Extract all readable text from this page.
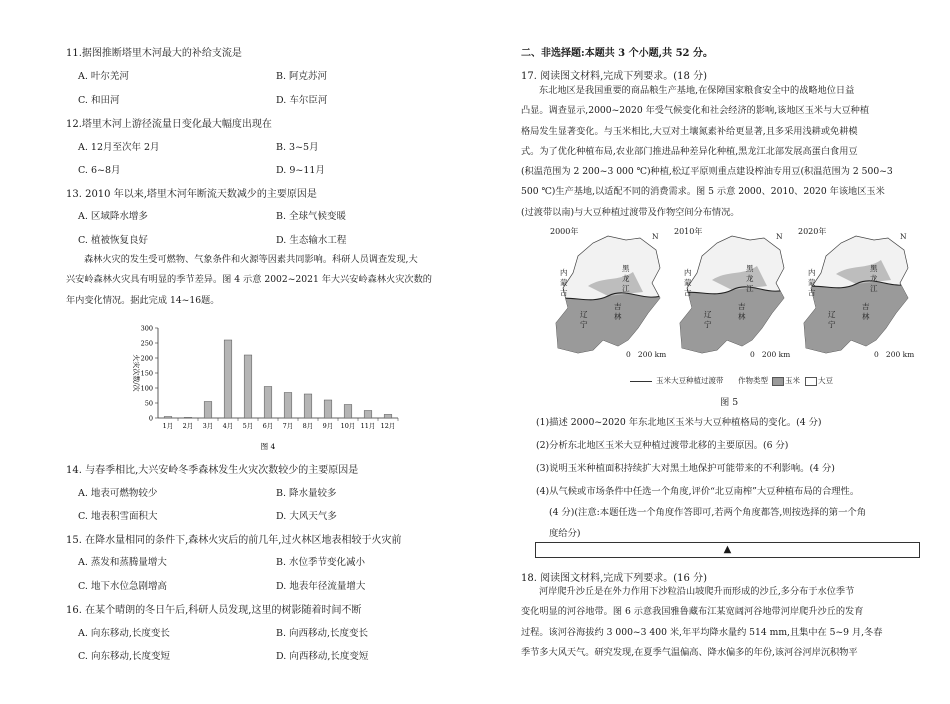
11.据图推断塔里木河最大的补给支流是
A. 叶尔羌河	B. 阿克苏河
C. 和田河	D. 车尔臣河
12.塔里木河上游径流量日变化最大幅度出现在
A. 12月至次年 2月	B. 3~5月
C. 6~8月	D. 9~11月
13. 2010 年以来,塔里木河年断流天数减少的主要原因是
A. 区域降水增多	B. 全球气候变暖
C. 植被恢复良好	D. 生态输水工程
森林火灾的发生受可燃物、气象条件和火源等因素共同影响。科研人员调查发现,大
兴安岭森林火灾具有明显的季节差异。图 4 示意 2002~2021 年大兴安岭森林火灾次数的
年内变化情况。据此完成 14~16题。
0
50
100
150
200
250
300
1月 2月 3月 4月 5月 6月 7月 8月 9月 10月 11月 12月
火灾次数/次
图 4
14. 与春季相比,大兴安岭冬季森林发生火灾次数较少的主要原因是
A. 地表可燃物较少	B. 降水量较多
C. 地表积雪面积大	D. 大风天气多
15. 在降水量相同的条件下,森林火灾后的前几年,过火林区地表相较于火灾前
A. 蒸发和蒸腾量增大	B. 水位季节变化减小
C. 地下水位急剧增高	D. 地表年径流量增大
16. 在某个晴朗的冬日午后,科研人员发现,这里的树影随着时间不断
A. 向东移动,长度变长	B. 向西移动,长度变长
C. 向东移动,长度变短	D. 向西移动,长度变短
二、非选择题:本题共 3 个小题,共 52 分。
17. 阅读图文材料,完成下列要求。(18 分)
东北地区是我国重要的商品粮生产基地,在保障国家粮食安全中的战略地位日益
凸显。调查显示,2000~2020 年受气候变化和社会经济的影响,该地区玉米与大豆种植
格局发生显著变化。与玉米相比,大豆对土壤氮素补给更显著,且多采用浅耕或免耕模
式。为了优化种植布局,农业部门推进品种差异化种植,黑龙江北部发展高蛋白食用豆
(积温范围为 2 200~3 000 ℃)种植,松辽平原则重点建设榨油专用豆(积温范围为 2 500~3
500 ℃)生产基地,以适配不同的消费需求。图 5 示意 2000、2010、2020 年该地区玉米
(过渡带以南)与大豆种植过渡带及作物空间分布情况。
2000年
内
蒙
古
黑
龙
江
吉
林
辽
宁
N
0   200 km
2010年
内
蒙
古
黑
龙
江
吉
林
辽
宁
N
0   200 km
2020年
内
蒙
古
黑
龙
江
吉
林
辽
宁
N
0   200 km
玉米大豆种植过渡带 作物类型 玉米 大豆
图 5
(1)描述 2000~2020 年东北地区玉米与大豆种植格局的变化。(4 分)
(2)分析东北地区玉米大豆种植过渡带北移的主要原因。(6 分)
(3)说明玉米种植面积持续扩大对黑土地保护可能带来的不利影响。(4 分)
(4)从气候或市场条件中任选一个角度,评价“北豆南榨”大豆种植布局的合理性。
(4 分)(注意:本题任选一个角度作答即可,若两个角度都答,则按选择的第一个角
度给分)
▲
18. 阅读图文材料,完成下列要求。(16 分)
河岸爬升沙丘是在外力作用下沙粒沿山坡爬升而形成的沙丘,多分布于水位季节
变化明显的河谷地带。图 6 示意我国雅鲁藏布江某宽阔河谷地带河岸爬升沙丘的发育
过程。该河谷海拔约 3 000~3 400 米,年平均降水量约 514 mm,且集中在 5~9 月,冬春
季节多大风天气。研究发现,在夏季气温偏高、降水偏多的年份,该河谷河岸沉积物平
